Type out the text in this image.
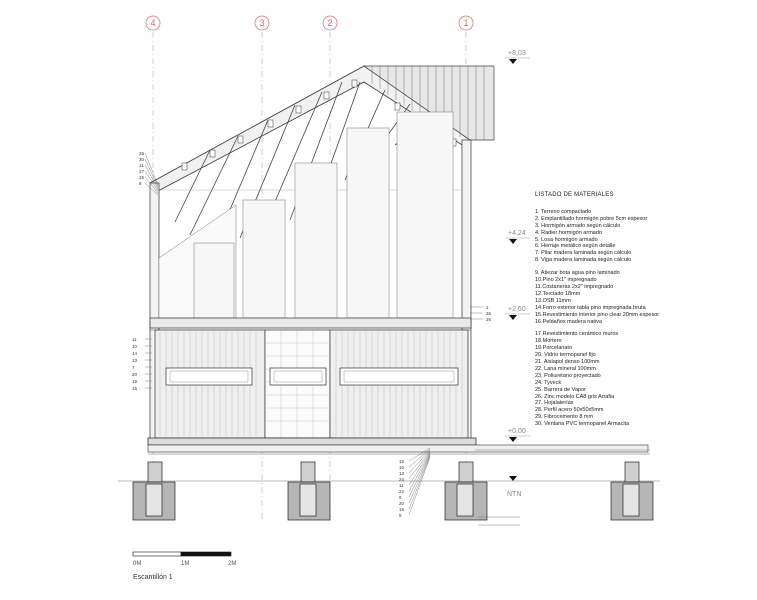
4	3	2	1
+8,03
+4,24
+2,60
+0,00
NTN
26
30
11
27
15
8
11
10
14
13
7
20
19
15
1
26
26
15
10
13
24
11
22
8
20
15
5
0M	1M	2M
LISTADO DE MATERIALES
1. Terreno compactado
2. Emplantillado hormigón pobre 5cm espesor
3. Hormigón armado según cálculo
4. Radier hormigón armado
5. Losa hormigón armado
6. Herraje metálico según detalle
7. Pilar madera laminada según cálculo
8. Viga madera laminada según cálculo
9. Atiezar bota agua pino laminado
10.Pino 2x1" impregnado
11.Costaneras 2x2" impregnado
12.Terciado 18mm
13.OSB 11mm
14.Forro exterior tabla pino impregnada bruta
15.Revestimiento interior pino clear 20mm espesor
16.Peldaños madera nativa
17.Revestimiento cerámico muros
18.Mortero
19.Porcelanato
20. Vidrio termopanel fijo
21. Aislapol denso 100mm
22. Lana mineral 100mm
23. Poliuretano proyectado
24. Tyveck
25. Barrera de Vapor
26. Zinc modelo CA8 gris Arrafia
27. Hojalaterías
28. Perfil acero 50x50x5mm
29. Fibrocemento 8 mm
30. Ventana PVC termopanel Armacita
Escantillón 1
